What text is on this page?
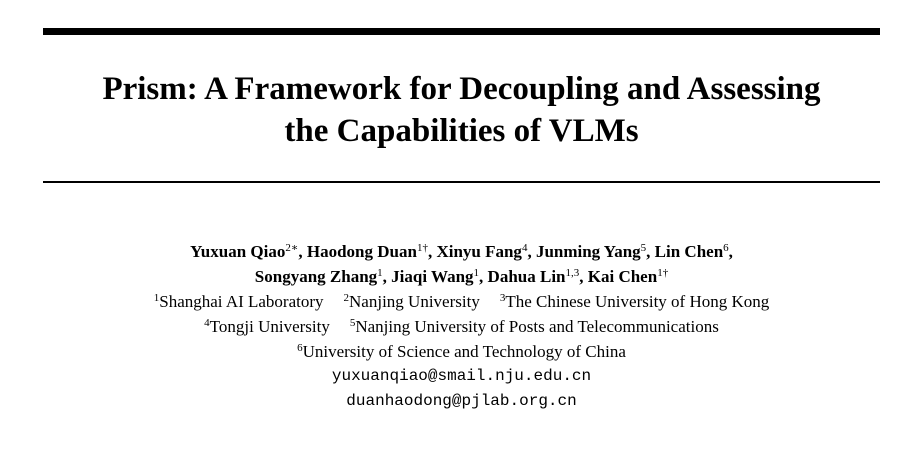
Prism: A Framework for Decoupling and Assessing
the Capabilities of VLMs
Yuxuan Qiao$^{2∗}$, Haodong Duan$^{1\dagger}$, Xinyu Fang$^4$, Junming Yang$^5$, Lin Chen$^6$,
Songyang Zhang$^1$, Jiaqi Wang$^1$, Dahua Lin$^{1,3}$, Kai Chen$^{1\dagger}$
$^1$Shanghai AI Laboratory $^2$Nanjing University $^3$The Chinese University of Hong Kong
$^4$Tongji University $^5$Nanjing University of Posts and Telecommunications
$^6$University of Science and Technology of China
yuxuanqiao@smail.nju.edu.cn
duanhaodong@pjlab.org.cn
